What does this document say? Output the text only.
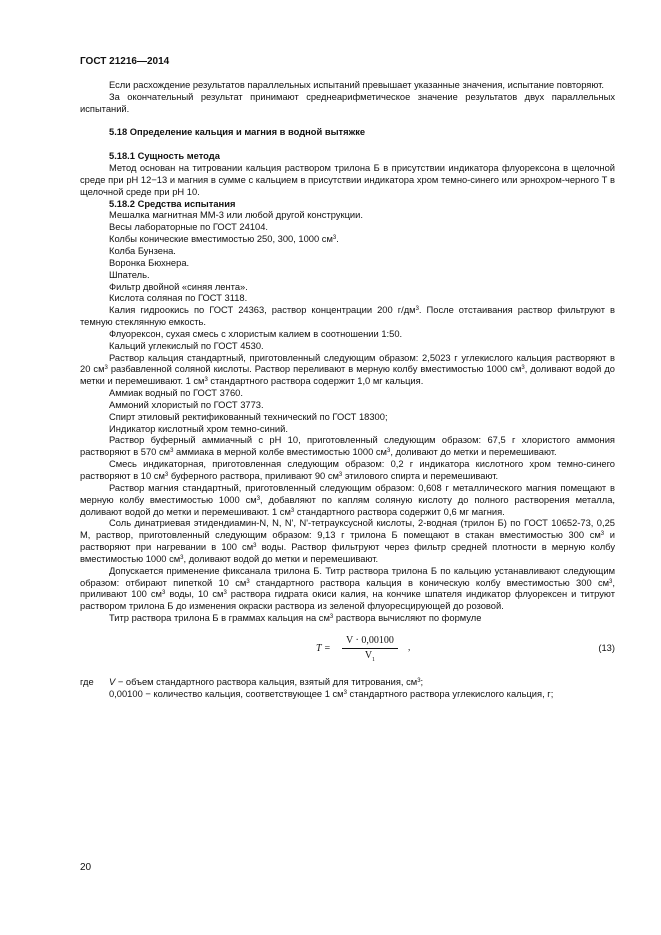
ГОСТ 21216—2014

Если расхождение результатов параллельных испытаний превышает указанные значения, испытание повторяют.

За окончательный результат принимают среднеарифметическое значение результатов двух параллельных испытаний.

5.18 Определение кальция и магния в водной вытяжке
5.18.1 Сущность метода

Метод основан на титровании кальция раствором трилона Б в присутствии индикатора флуорексона в щелочной среде при pH 12−13 и магния в сумме с кальцием в присутствии индикатора хром темно-синего или эрнохром-черного Т в щелочной среде при pH 10.

5.18.2 Средства испытания

Мешалка магнитная ММ-3 или любой другой конструкции.

Весы лабораторные по ГОСТ 24104.

Колбы конические вместимостью 250, 300, 1000 $см^3$.

Колба Бунзена.

Воронка Бюхнера.

Шпатель.

Фильтр двойной «синяя лента».

Кислота соляная по ГОСТ 3118.

Калия гидроокись по ГОСТ 24363, раствор концентрации 200 $г/дм^3$. После отстаивания раствор фильтруют в темную стеклянную емкость.

Флуорексон, сухая смесь с хлористым калием в соотношении 1:50.

Кальций углекислый по ГОСТ 4530.

Раствор кальция стандартный, приготовленный следующим образом: 2,5023 г углекислого кальция растворяют в 20 $см^3$ разбавленной соляной кислоты. Раствор переливают в мерную колбу вместимостью 1000 $см^3$, доливают водой до метки и перемешивают. 1 $см^3$ стандартного раствора содержит 1,0 мг кальция.

Аммиак водный по ГОСТ 3760.

Аммоний хлористый по ГОСТ 3773.

Спирт этиловый ректификованный технический по ГОСТ 18300;

Индикатор кислотный хром темно-синий.

Раствор буферный аммиачный с pH 10, приготовленный следующим образом: 67,5 г хлористого аммония растворяют в 570 $см^3$ аммиака в мерной колбе вместимостью 1000 $см^3$, доливают до метки и перемешивают.

Смесь индикаторная, приготовленная следующим образом: 0,2 г индикатора кислотного хром темно-синего растворяют в 10 $см^3$ буферного раствора, приливают 90 $см^3$ этилового спирта и перемешивают.

Раствор магния стандартный, приготовленный следующим образом: 0,608 г металлического магния помещают в мерную колбу вместимостью 1000 $см^3$, добавляют по каплям соляную кислоту до полного растворения металла, доливают водой до метки и перемешивают. 1 $см^3$ стандартного раствора содержит 0,6 мг магния.

Соль динатриевая этидендиамин-N, N, N', N'-тетрауксусной кислоты, 2-водная (трилон Б) по ГОСТ 10652-73, 0,25 М, раствор, приготовленный следующим образом: 9,13 г трилона Б помещают в стакан вместимостью 300 $см^3$ и растворяют при нагревании в 100 $см^3$ воды. Раствор фильтруют через фильтр средней плотности в мерную колбу вместимостью 1000 $см^3$, доливают водой до метки и перемешивают.

Допускается применение фиксанала трилона Б. Титр раствора трилона Б по кальцию устанавливают следующим образом: отбирают пипеткой 10 $см^3$ стандартного раствора кальция в коническую колбу вместимостью 300 $см^3$, приливают 100 $см^3$ воды, 10 $см^3$ раствора гидрата окиси калия, на кончике шпателя индикатор флуорексен и титруют раствором трилона Б до изменения окраски раствора из зеленой флуоресцирующей до розовой.

Титр раствора трилона Б в граммах кальция на $см^3$ раствора вычисляют по формуле

$T = \frac{V \cdot 0,00100}{V_1}$ ,	(13)
где V − объем стандартного раствора кальция, взятый для титрования, $см^3$;

0,00100 − количество кальция, соответствующее 1 $см^3$ стандартного раствора углекислого кальция, г;

20
